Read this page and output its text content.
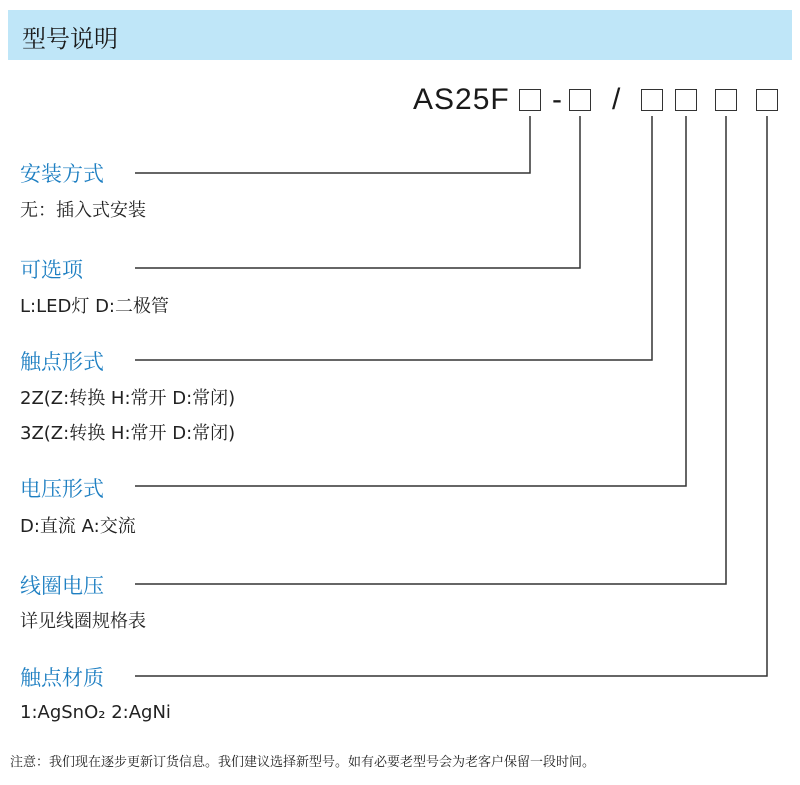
型号说明
AS25F - /
安装方式
无：插入式安装
可选项
L:LED灯 D:二极管
触点形式
2Z(Z:转换 H:常开 D:常闭)
3Z(Z:转换 H:常开 D:常闭)
电压形式
D:直流 A:交流
线圈电压
详见线圈规格表
触点材质
1:AgSnO₂ 2:AgNi
注意：我们现在逐步更新订货信息。我们建议选择新型号。如有必要老型号会为老客户保留一段时间。
